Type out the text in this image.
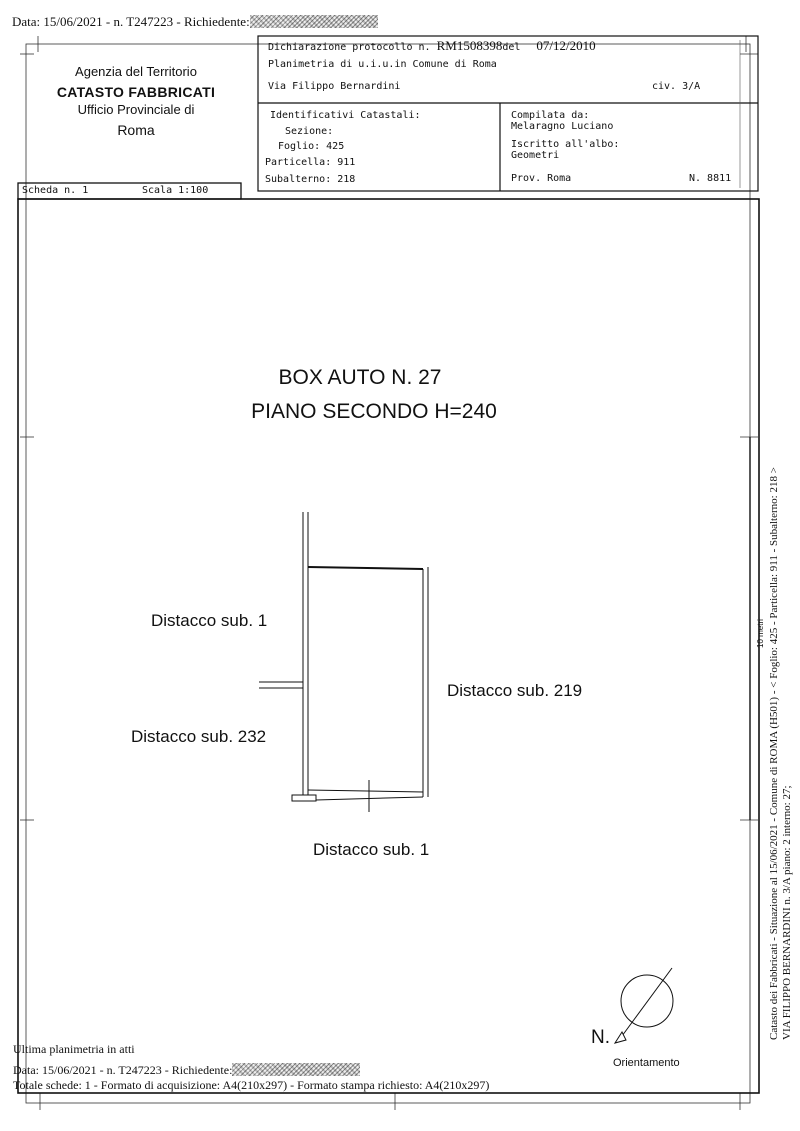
Data: 15/06/2021 - n. T247223 - Richiedente:
Agenzia del Territorio
CATASTO FABBRICATI
Ufficio Provinciale di
Roma
Dichiarazione protocollo n. RM1508398del 07/12/2010
Planimetria di u.i.u.in Comune di Roma
Via Filippo Bernardini	civ. 3/A
Identificativi Catastali:
Sezione:
Foglio: 425
Particella: 911
Subalterno: 218
Compilata da:
Melaragno Luciano
Iscritto all'albo:
Geometri
Prov. Roma	N. 8811
Scheda n. 1	Scala 1:100
BOX AUTO N. 27
PIANO SECONDO H=240
Distacco sub. 1
Distacco sub. 219
Distacco sub. 232
Distacco sub. 1
N.
Orientamento
Catasto dei Fabbricati - Situazione al 15/06/2021 - Comune di ROMA (H501) - < Foglio: 425 - Particella: 911 - Subalterno: 218 > VIA FILIPPO BERNARDINI n. 3/A piano: 2 interno: 27;
10 metri
Ultima planimetria in atti
Data: 15/06/2021 - n. T247223 - Richiedente:
Totale schede: 1 - Formato di acquisizione: A4(210x297) - Formato stampa richiesto: A4(210x297)
